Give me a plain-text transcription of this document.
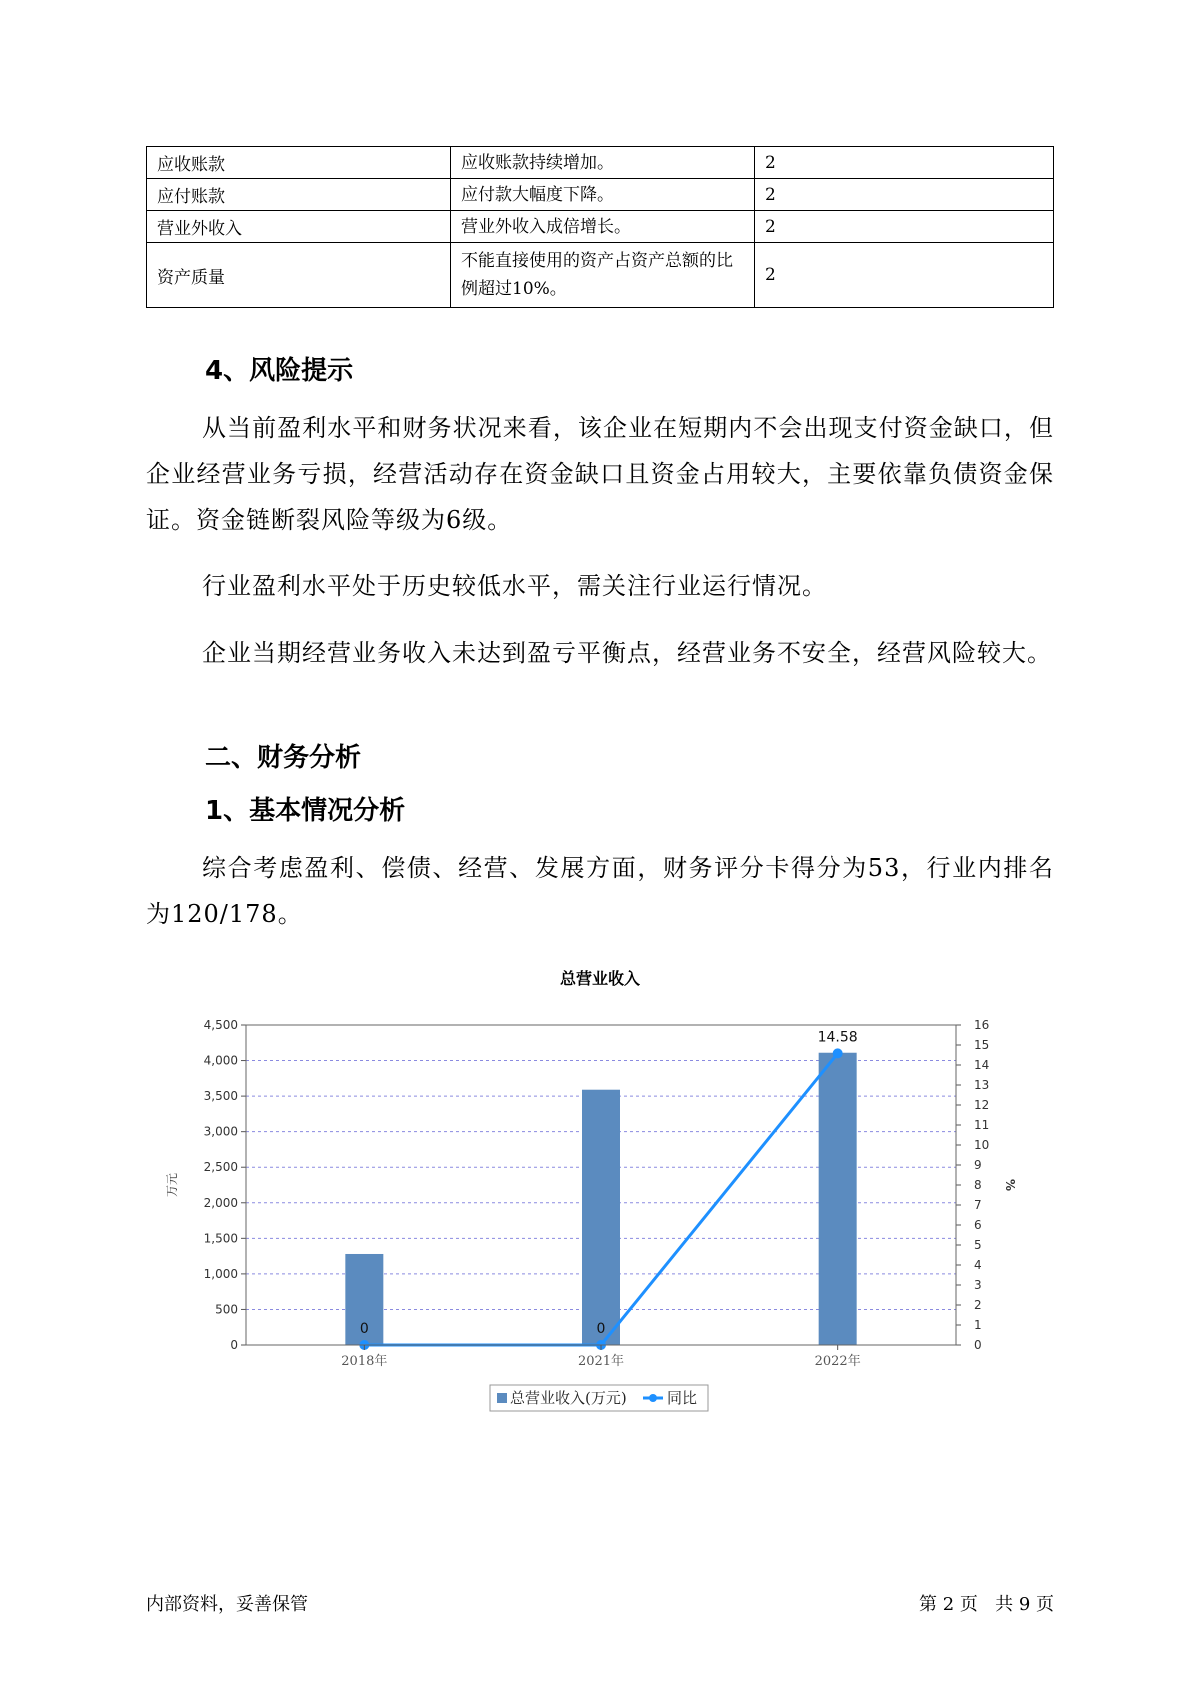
应收账款	应收账款持续增加。	2
应付账款	应付款大幅度下降。	2
营业外收入	营业外收入成倍增长。	2
资产质量	不能直接使用的资产占资产总额的比例超过10%。	2
4、风险提示

从当前盈利水平和财务状况来看，该企业在短期内不会出现支付资金缺口，但企业经营业务亏损，经营活动存在资金缺口且资金占用较大，主要依靠负债资金保证。资金链断裂风险等级为6级。

行业盈利水平处于历史较低水平，需关注行业运行情况。

企业当期经营业务收入未达到盈亏平衡点，经营业务不安全，经营风险较大。

二、财务分析
1、基本情况分析

综合考虑盈利、偿债、经营、发展方面，财务评分卡得分为53，行业内排名为120/178。

总营业收入
0	0
14.58
0
500
1,000
1,500
2,000
2,500
3,000
3,500
4,000
4,500
0
1
2
3
4
5
6
7
8
9
10
11
12
13
14
15
16
万元	%
2018年	2021年	2022年
总营业收入(万元)	同比
内部资料，妥善保管	第 2 页   共 9 页
